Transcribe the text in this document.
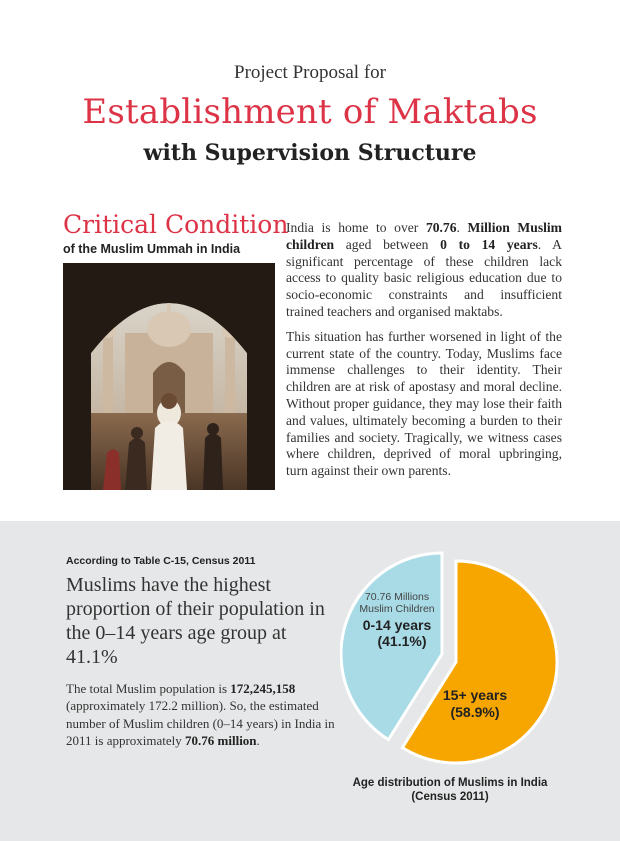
Project Proposal for
Establishment of Maktabs
with Supervision Structure
Critical Condition
of the Muslim Ummah in India

India is home to over 70.76. Million Muslim children aged between 0 to 14 years. A significant percentage of these children lack access to quality basic religious education due to socio-economic constraints and insufficient trained teachers and organised maktabs.

This situation has further worsened in light of the current state of the country. Today, Muslims face immense challenges to their identity. Their children are at risk of apostasy and moral decline. Without proper guidance, they may lose their faith and values, ultimately becoming a burden to their families and society. Tragically, we witness cases where children, deprived of moral upbringing, turn against their own parents.

According to Table C-15, Census 2011
Muslims have the highest proportion of their population in the 0–14 years age group at 41.1%
The total Muslim population is 172,245,158 (approximately 172.2 million). So, the estimated number of Muslim children (0–14 years) in India in 2011 is approximately 70.76 million.
70.76 Millions
Muslim Children
0-14 years
(41.1%)
15+ years
(58.9%)
Age distribution of Muslims in India
(Census 2011)
